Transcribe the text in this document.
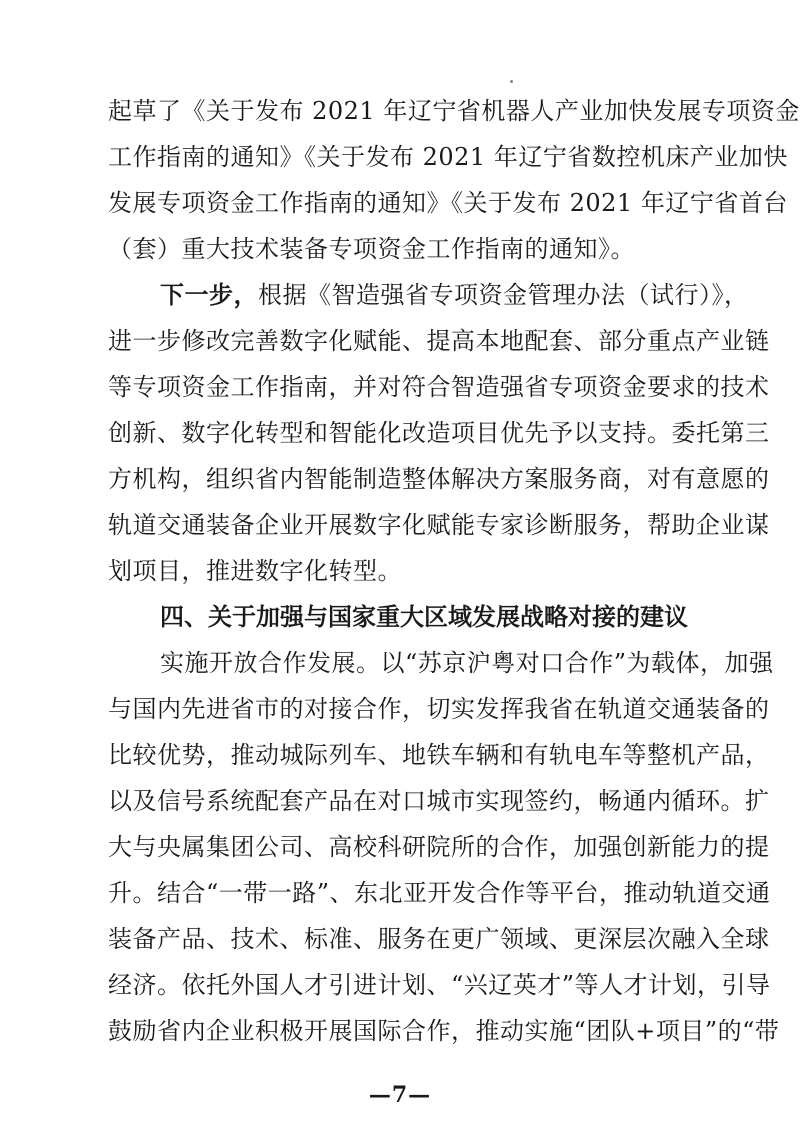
起草了《关于发布 2021 年辽宁省机器人产业加快发展专项资金
工作指南的通知》《关于发布 2021 年辽宁省数控机床产业加快
发展专项资金工作指南的通知》《关于发布 2021 年辽宁省首台
（套）重大技术装备专项资金工作指南的通知》。
下一步，根据《智造强省专项资金管理办法（试行）》，
进一步修改完善数字化赋能、提高本地配套、部分重点产业链
等专项资金工作指南，并对符合智造强省专项资金要求的技术
创新、数字化转型和智能化改造项目优先予以支持。委托第三
方机构，组织省内智能制造整体解决方案服务商，对有意愿的
轨道交通装备企业开展数字化赋能专家诊断服务，帮助企业谋
划项目，推进数字化转型。
四、关于加强与国家重大区域发展战略对接的建议
实施开放合作发展。以“苏京沪粤对口合作”为载体，加强
与国内先进省市的对接合作，切实发挥我省在轨道交通装备的
比较优势，推动城际列车、地铁车辆和有轨电车等整机产品，
以及信号系统配套产品在对口城市实现签约，畅通内循环。扩
大与央属集团公司、高校科研院所的合作，加强创新能力的提
升。结合“一带一路”、东北亚开发合作等平台，推动轨道交通
装备产品、技术、标准、服务在更广领域、更深层次融入全球
经济。依托外国人才引进计划、“兴辽英才”等人才计划，引导
鼓励省内企业积极开展国际合作，推动实施“团队+项目”的“带
—7—
